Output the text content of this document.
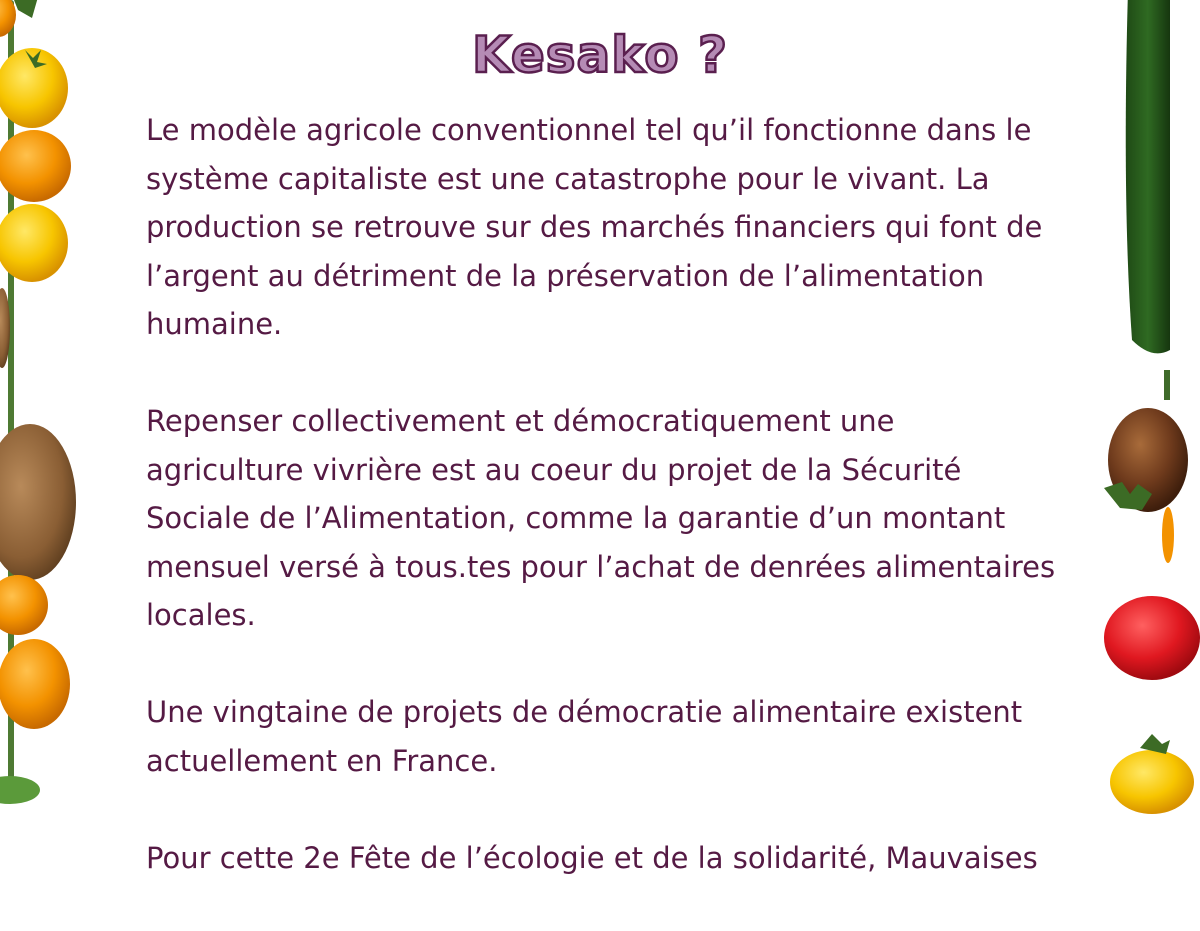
Kesako ?

Le modèle agricole conventionnel tel qu’il fonctionne dans le système capitaliste est une catastrophe pour le vivant. La production se retrouve sur des marchés financiers qui font de l’argent au détriment de la préservation de l’alimentation humaine.

Repenser collectivement et démocratiquement une agriculture vivrière est au coeur du projet de la Sécurité Sociale de l’Alimentation, comme la garantie d’un montant mensuel versé à tous.tes pour l’achat de denrées alimentaires locales.

Une vingtaine de projets de démocratie alimentaire existent actuellement en France.

Pour cette 2e Fête de l’écologie et de la solidarité, Mauvaises
